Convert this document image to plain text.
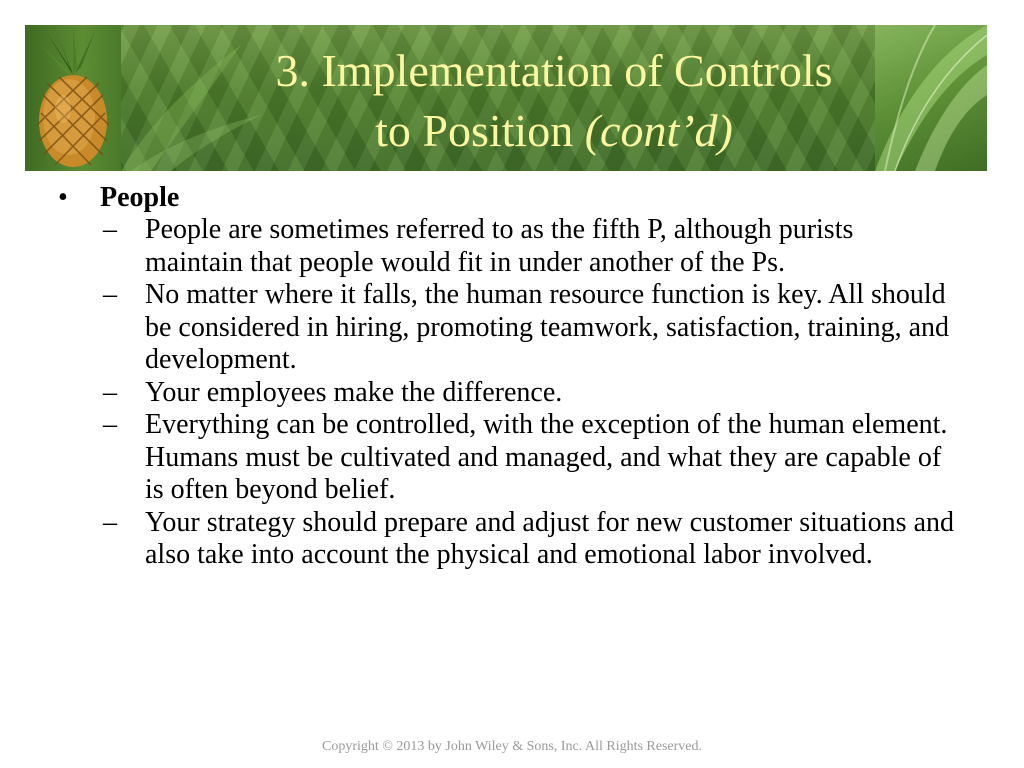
3. Implementation of Controls
to Position (cont’d)
• People
– People are sometimes referred to as the fifth P, although purists maintain that people would fit in under another of the Ps.
– No matter where it falls, the human resource function is key. All should be considered in hiring, promoting teamwork, satisfaction, training, and development.
– Your employees make the difference.
– Everything can be controlled, with the exception of the human element. Humans must be cultivated and managed, and what they are capable of is often beyond belief.
– Your strategy should prepare and adjust for new customer situations and also take into account the physical and emotional labor involved.
Copyright © 2013 by John Wiley & Sons, Inc. All Rights Reserved.
